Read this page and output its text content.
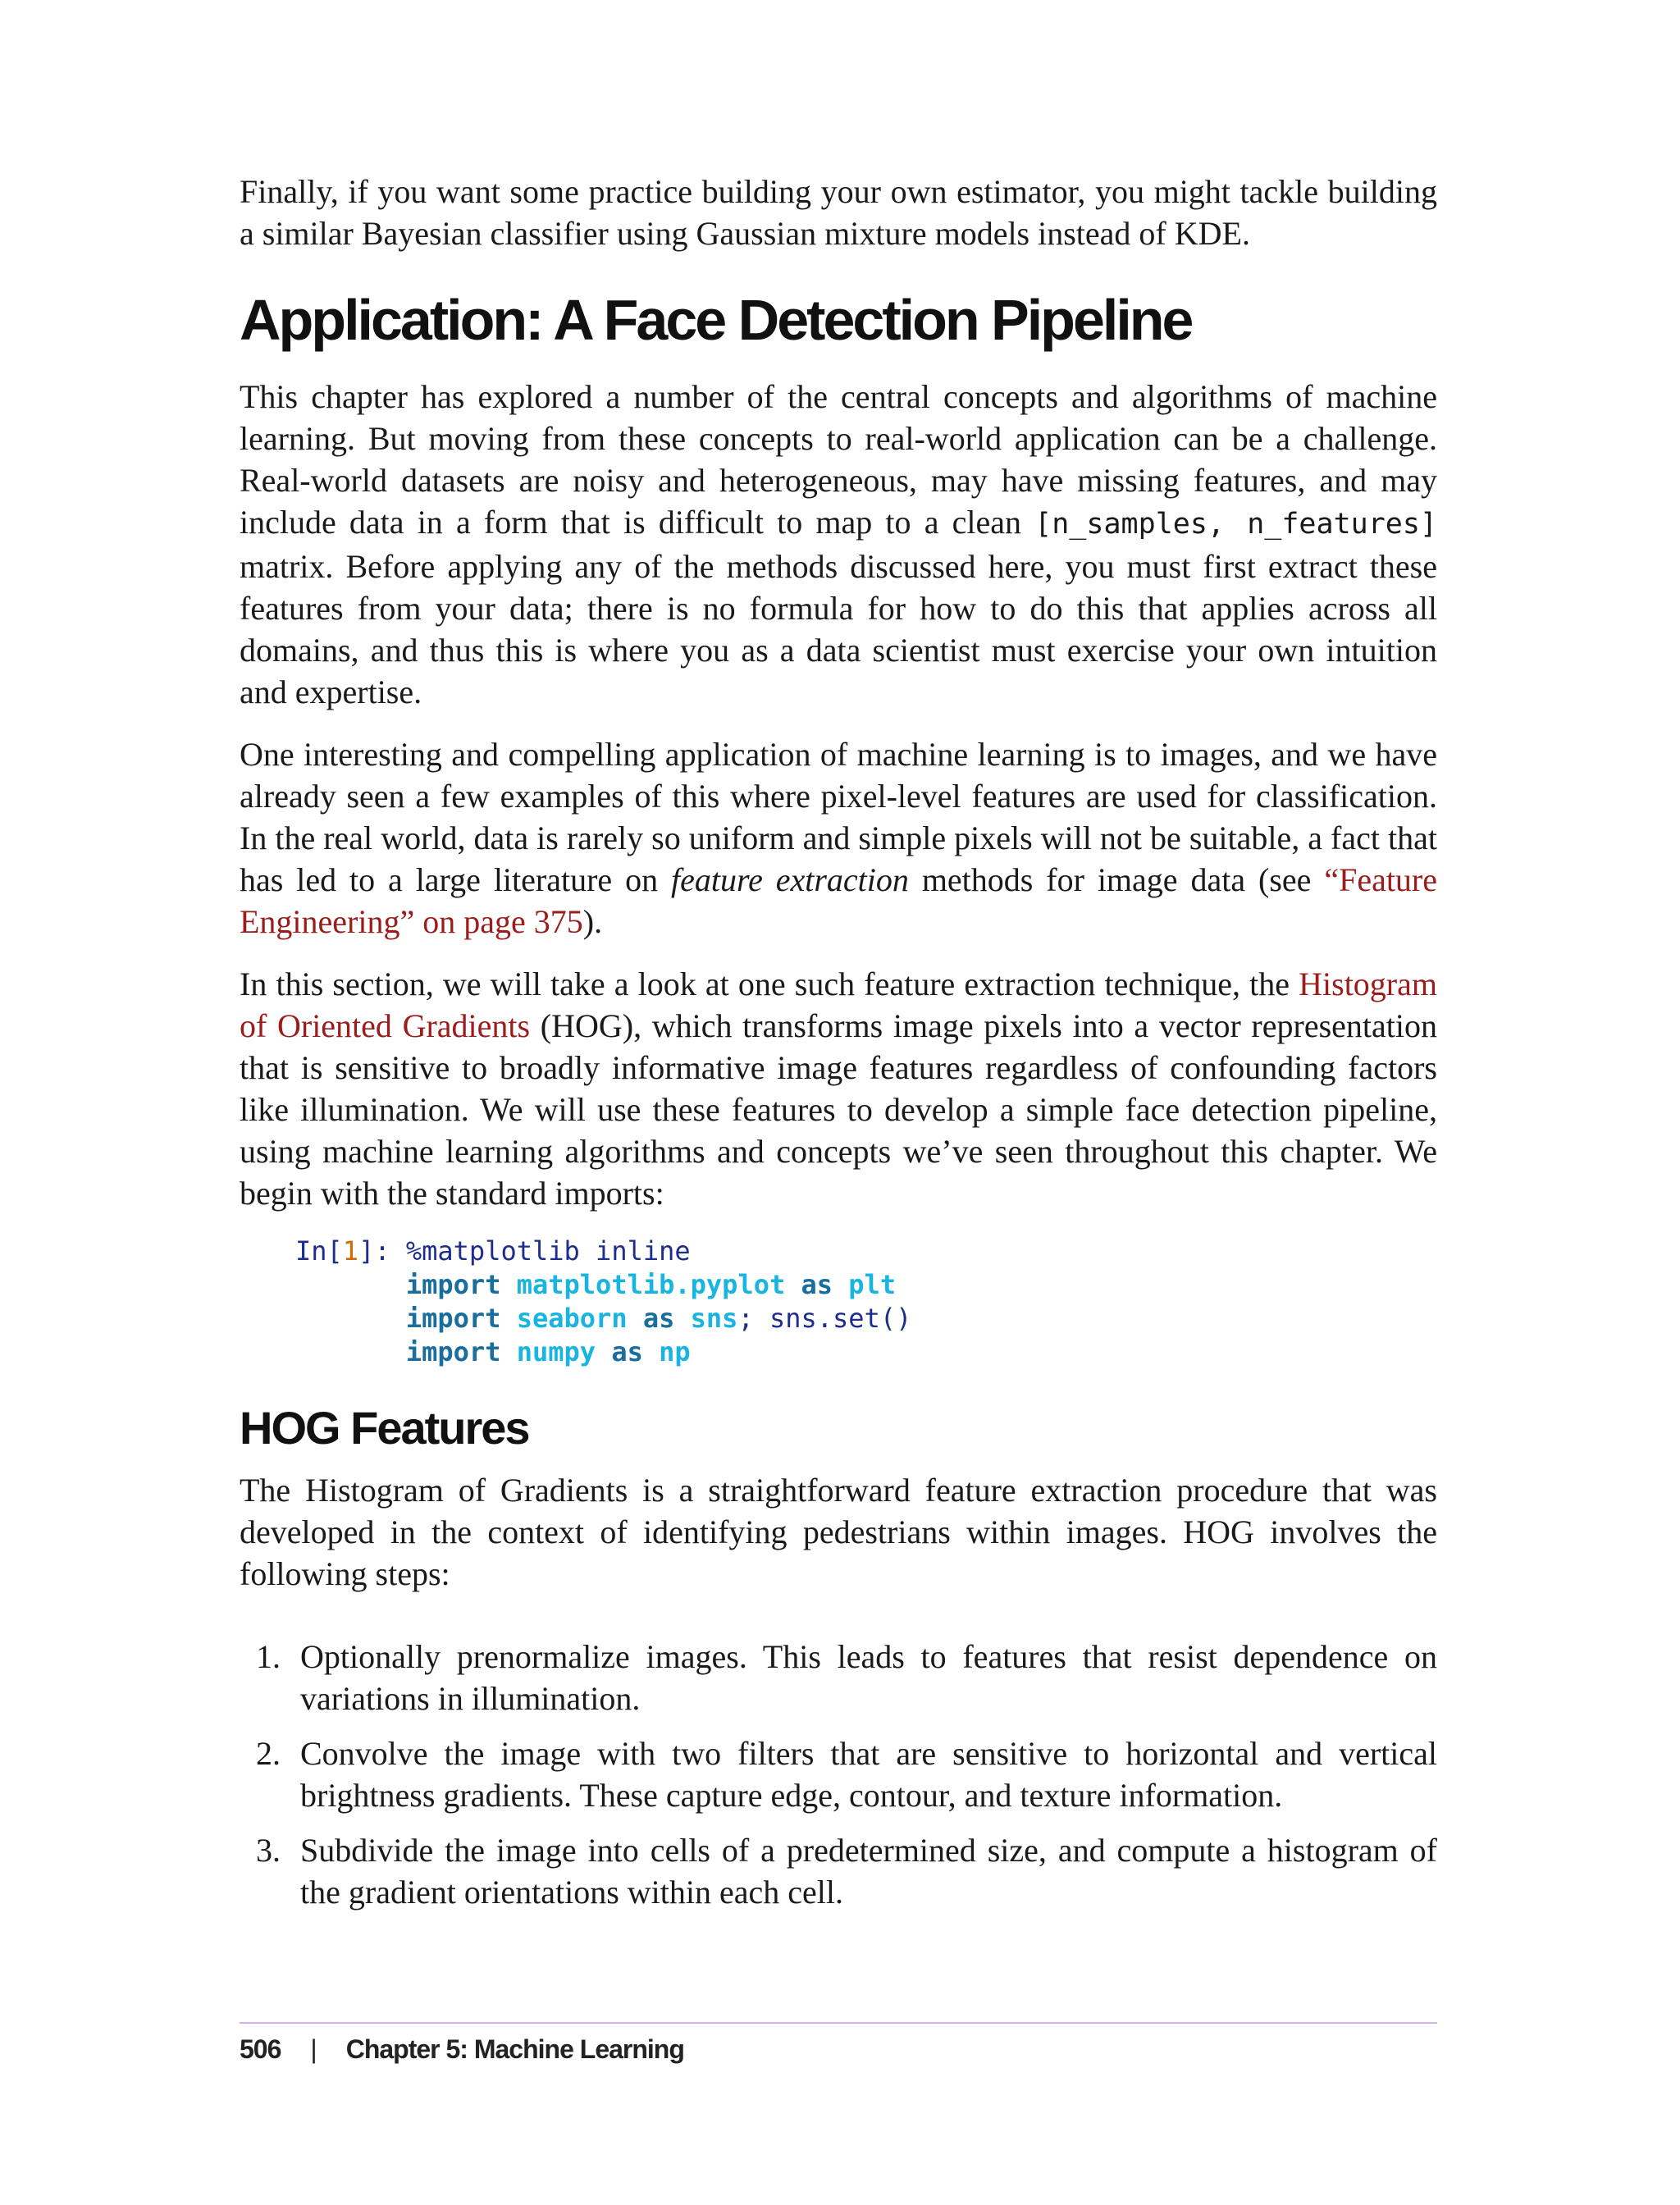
Finally, if you want some practice building your own estimator, you might tackle building a similar Bayesian classifier using Gaussian mixture models instead of KDE.

Application: A Face Detection Pipeline

This chapter has explored a number of the central concepts and algorithms of machine learning. But moving from these concepts to real-world application can be a challenge. Real-world datasets are noisy and heterogeneous, may have missing features, and may include data in a form that is difficult to map to a clean [n_samples, n_features] matrix. Before applying any of the methods discussed here, you must first extract these features from your data; there is no formula for how to do this that applies across all domains, and thus this is where you as a data scientist must exercise your own intuition and expertise.

One interesting and compelling application of machine learning is to images, and we have already seen a few examples of this where pixel-level features are used for classification. In the real world, data is rarely so uniform and simple pixels will not be suitable, a fact that has led to a large literature on feature extraction methods for image data (see “Feature Engineering” on page 375).

In this section, we will take a look at one such feature extraction technique, the Histogram of Oriented Gradients (HOG), which transforms image pixels into a vector representation that is sensitive to broadly informative image features regardless of confounding factors like illumination. We will use these features to develop a simple face detection pipeline, using machine learning algorithms and concepts we’ve seen throughout this chapter. We begin with the standard imports:

In[1]: %matplotlib inline
import matplotlib.pyplot as plt
import seaborn as sns; sns.set()
import numpy as np
HOG Features

The Histogram of Gradients is a straightforward feature extraction procedure that was developed in the context of identifying pedestrians within images. HOG involves the following steps:

1. Optionally prenormalize images. This leads to features that resist dependence on variations in illumination.
2. Convolve the image with two filters that are sensitive to horizontal and vertical brightness gradients. These capture edge, contour, and texture information.
3. Subdivide the image into cells of a predetermined size, and compute a histogram of the gradient orientations within each cell.
506 | Chapter 5: Machine Learning
